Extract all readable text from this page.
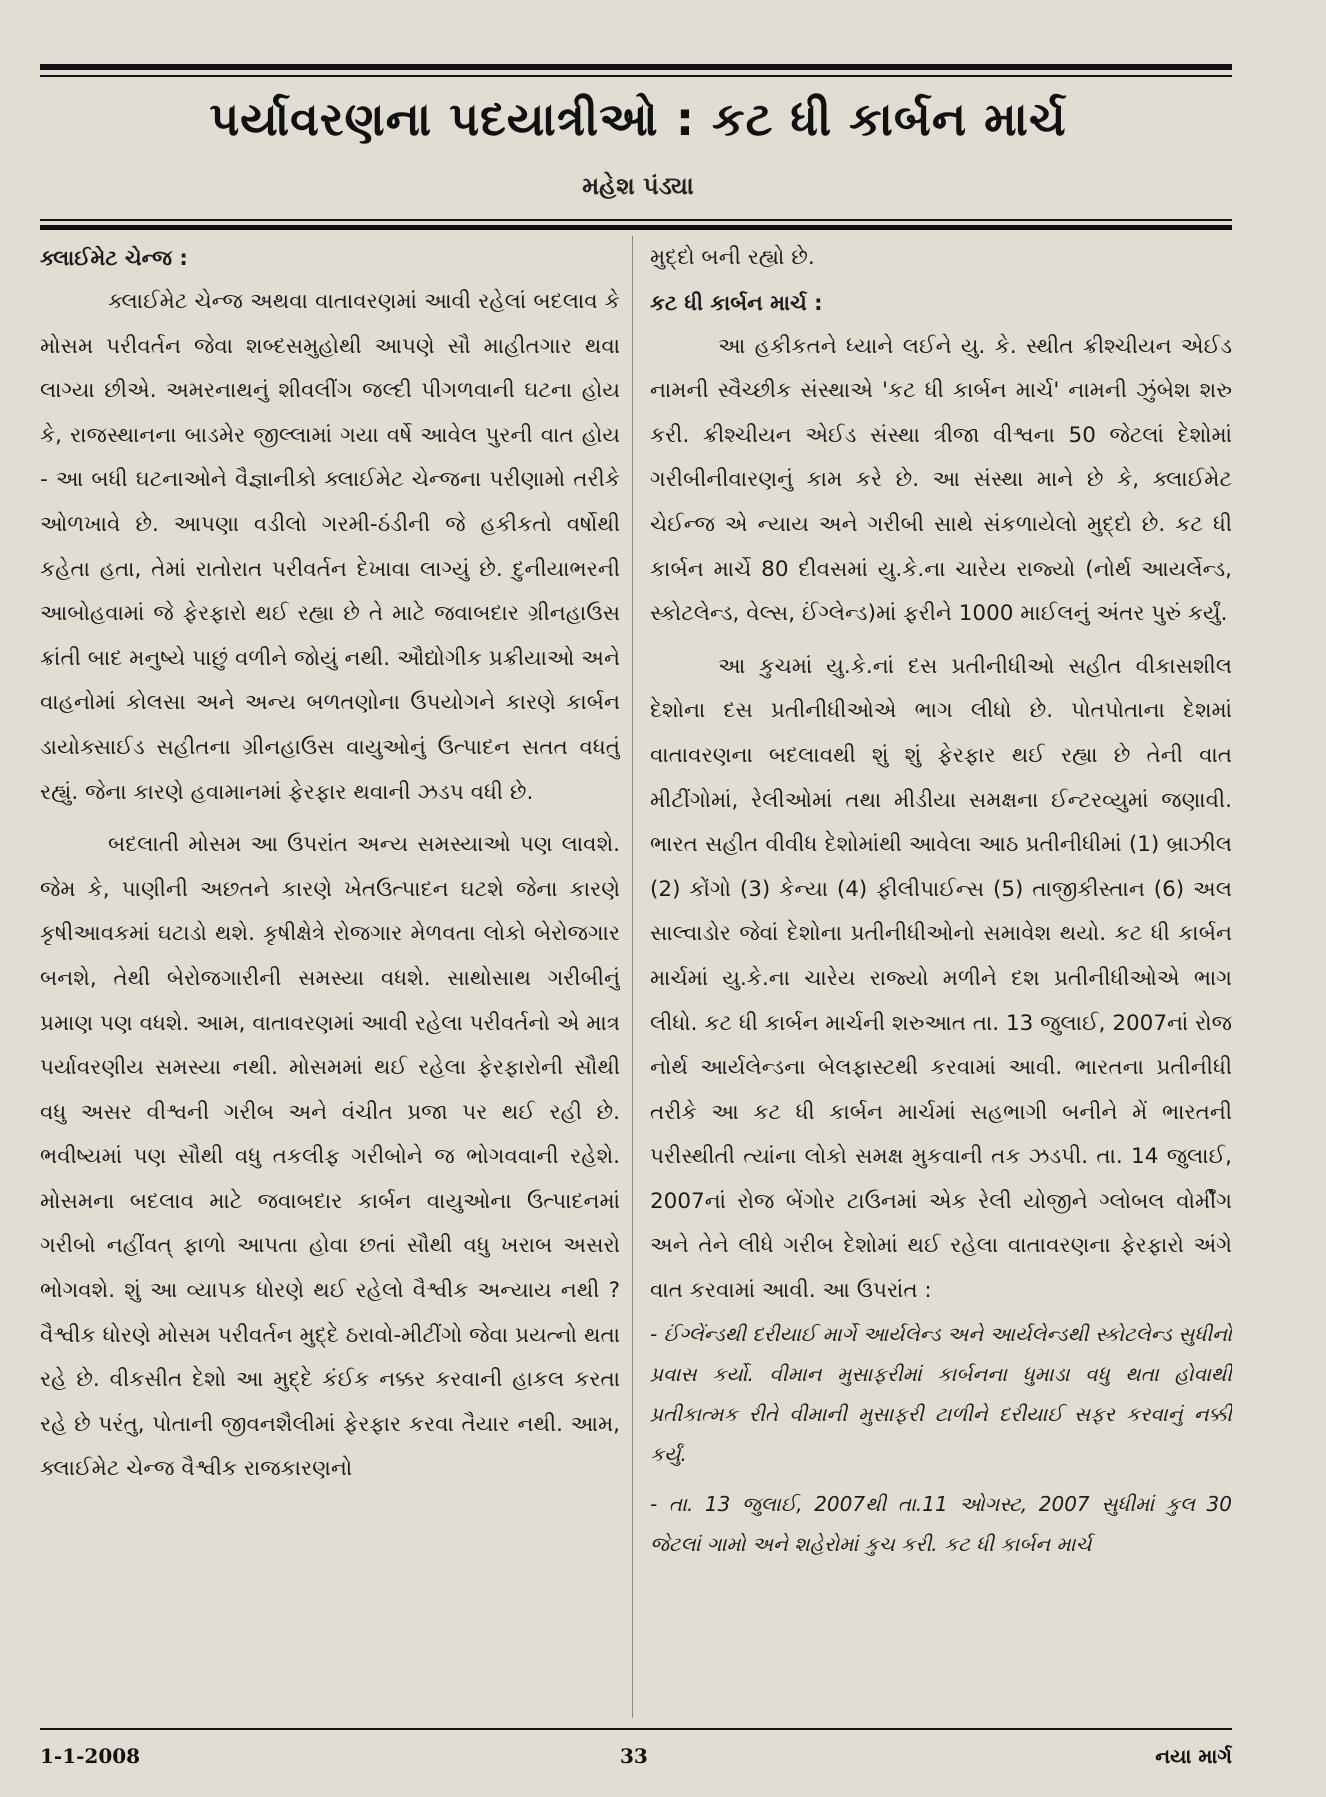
પર્યાવરણના પદયાત્રીઓ : કટ ધી કાર્બન માર્ચ
મહેશ પંડ્યા
ક્લાઈમેટ ચેન્જ :

ક્લાઈમેટ ચેન્જ અથવા વાતાવરણમાં આવી રહેલાં બદલાવ કે મોસમ પરીવર્તન જેવા શબ્દસમુહોથી આપણે સૌ માહીતગાર થવા લાગ્યા છીએ. અમરનાથનું શીવલીંગ જલ્દી પીગળવાની ઘટના હોય કે, રાજસ્થાનના બાડમેર જીલ્લામાં ગયા વર્ષે આવેલ પુરની વાત હોય - આ બધી ઘટનાઓને વૈજ્ઞાનીકો ક્લાઈમેટ ચેન્જના પરીણામો તરીકે ઓળખાવે છે. આપણા વડીલો ગરમી-ઠંડીની જે હકીકતો વર્ષોથી કહેતા હતા, તેમાં રાતોરાત પરીવર્તન દેખાવા લાગ્યું છે. દુનીયાભરની આબોહવામાં જે ફેરફારો થઈ રહ્યા છે તે માટે જવાબદાર ગ્રીનહાઉસ ક્રાંતી બાદ મનુષ્યે પાછું વળીને જોયું નથી. ઔદ્યોગીક પ્રક્રીયાઓ અને વાહનોમાં કોલસા અને અન્ય બળતણોના ઉપયોગને કારણે કાર્બન ડાયોક્સાઈડ સહીતના ગ્રીનહાઉસ વાયુઓનું ઉત્પાદન સતત વધતું રહ્યું. જેના કારણે હવામાનમાં ફેરફાર થવાની ઝડપ વધી છે.

બદલાતી મોસમ આ ઉપરાંત અન્ય સમસ્યાઓ પણ લાવશે. જેમ કે, પાણીની અછતને કારણે ખેતઉત્પાદન ઘટશે જેના કારણે કૃષીઆવકમાં ઘટાડો થશે. કૃષીક્ષેત્રે રોજગાર મેળવતા લોકો બેરોજગાર બનશે, તેથી બેરોજગારીની સમસ્યા વધશે. સાથોસાથ ગરીબીનું પ્રમાણ પણ વધશે. આમ, વાતાવરણમાં આવી રહેલા પરીવર્તનો એ માત્ર પર્યાવરણીય સમસ્યા નથી. મોસમમાં થઈ રહેલા ફેરફારોની સૌથી વધુ અસર વીશ્વની ગરીબ અને વંચીત પ્રજા પર થઈ રહી છે. ભવીષ્યમાં પણ સૌથી વધુ તકલીફ ગરીબોને જ ભોગવવાની રહેશે. મોસમના બદલાવ માટે જવાબદાર કાર્બન વાયુઓના ઉત્પાદનમાં ગરીબો નહીંવત્ ફાળો આપતા હોવા છતાં સૌથી વધુ ખરાબ અસરો ભોગવશે. શું આ વ્યાપક ધોરણે થઈ રહેલો વૈશ્વીક અન્યાય નથી ? વૈશ્વીક ધોરણે મોસમ પરીવર્તન મુદ્દે ઠરાવો-મીટીંગો જેવા પ્રયત્નો થતા રહે છે. વીકસીત દેશો આ મુદ્દે કંઈક નક્કર કરવાની હાકલ કરતા રહે છે પરંતુ, પોતાની જીવનશૈલીમાં ફેરફાર કરવા તૈયાર નથી. આમ, ક્લાઈમેટ ચેન્જ વૈશ્વીક રાજકારણનો

મુદ્દો બની રહ્યો છે.

કટ ધી કાર્બન માર્ચ :

આ હકીકતને ધ્યાને લઈને યુ. કે. સ્થીત ક્રીશ્ચીયન એઈડ નામની સ્વૈચ્છીક સંસ્થાએ 'કટ ધી કાર્બન માર્ચ' નામની ઝુંબેશ શરુ કરી. ક્રીશ્ચીયન એઈડ સંસ્થા ત્રીજા વીશ્વના 50 જેટલાં દેશોમાં ગરીબીનીવારણનું કામ કરે છે. આ સંસ્થા માને છે કે, ક્લાઈમેટ ચેઈન્જ એ ન્યાય અને ગરીબી સાથે સંકળાયેલો મુદ્દો છે. કટ ધી કાર્બન માર્ચે 80 દીવસમાં યુ.કે.ના ચારેય રાજ્યો (નોર્થ આયર્લેન્ડ, સ્કોટલેન્ડ, વેલ્સ, ઈંગ્લેન્ડ)માં ફરીને 1000 માઈલનું અંતર પુરું કર્યું.

આ કુચમાં યુ.કે.નાં દસ પ્રતીનીધીઓ સહીત વીકાસશીલ દેશોના દસ પ્રતીનીધીઓએ ભાગ લીધો છે. પોતપોતાના દેશમાં વાતાવરણના બદલાવથી શું શું ફેરફાર થઈ રહ્યા છે તેની વાત મીટીંગોમાં, રેલીઓમાં તથા મીડીયા સમક્ષના ઈન્ટરવ્યુમાં જણાવી. ભારત સહીત વીવીધ દેશોમાંથી આવેલા આઠ પ્રતીનીધીમાં (1) બ્રાઝીલ (2) કોંગો (3) કેન્યા (4) ફીલીપાઈન્સ (5) તાજીકીસ્તાન (6) અલ સાલ્વાડોર જેવાં દેશોના પ્રતીનીધીઓનો સમાવેશ થયો. કટ ધી કાર્બન માર્ચમાં યુ.કે.ના ચારેય રાજ્યો મળીને દશ પ્રતીનીધીઓએ ભાગ લીધો. કટ ધી કાર્બન માર્ચની શરુઆત તા. 13 જુલાઈ, 2007નાં રોજ નોર્થ આર્યલેન્ડના બેલફાસ્ટથી કરવામાં આવી. ભારતના પ્રતીનીધી તરીકે આ કટ ધી કાર્બન માર્ચમાં સહભાગી બનીને મેં ભારતની પરીસ્થીતી ત્યાંના લોકો સમક્ષ મુકવાની તક ઝડપી. તા. 14 જુલાઈ, 2007નાં રોજ બેંગોર ટાઉનમાં એક રેલી યોજીને ગ્લોબલ વોર્મીંગ અને તેને લીધે ગરીબ દેશોમાં થઈ રહેલા વાતાવરણના ફેરફારો અંગે વાત કરવામાં આવી. આ ઉપરાંત :

- ઈંગ્લેંન્ડથી દરીયાઈ માર્ગે આર્યલેન્ડ અને આર્યલેન્ડથી સ્કોટલેન્ડ સુધીનો પ્રવાસ કર્યો. વીમાન મુસાફરીમાં કાર્બનના ધુમાડા વધુ થતા હોવાથી પ્રતીકાત્મક રીતે વીમાની મુસાફરી ટાળીને દરીયાઈ સફર કરવાનું નક્કી કર્યું.

- તા. 13 જુલાઈ, 2007થી તા.11 ઓગસ્ટ, 2007 સુધીમાં કુલ 30 જેટલાં ગામો અને શહેરોમાં કુચ કરી. કટ ધી કાર્બન માર્ચ

1-1-2008	33	નયા માર્ગ
